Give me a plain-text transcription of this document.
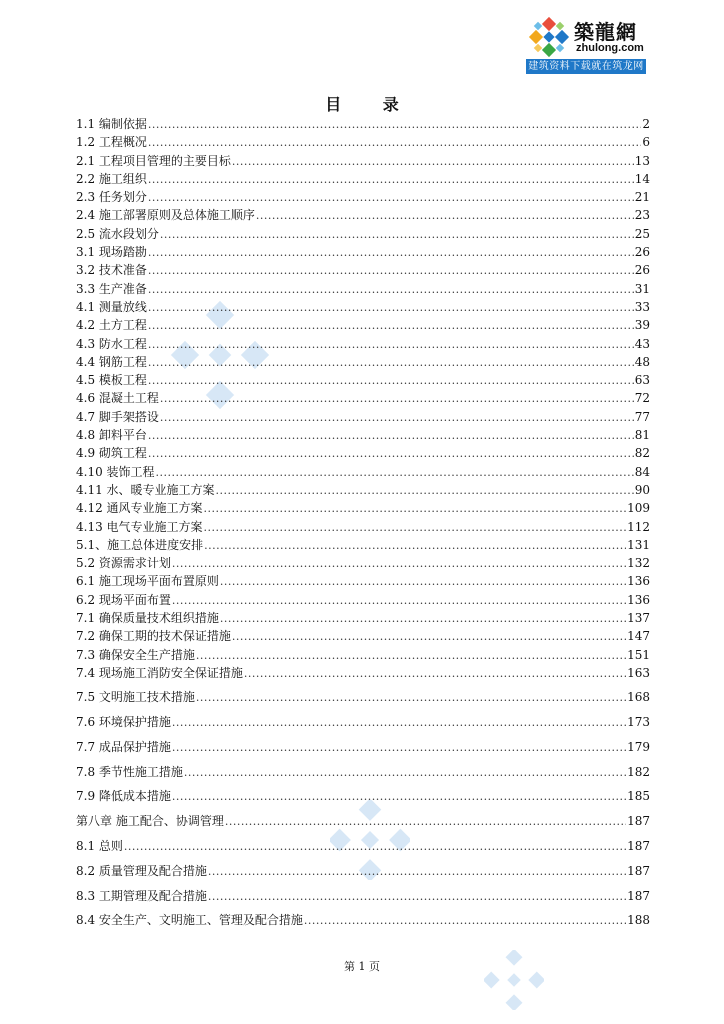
築龍網
zhulong.com
建筑资料下载就在筑龙网
目 录
1.1 编制依据 .....	2
1.2 工程概况 .....	6
2.1 工程项目管理的主要目标 .....	13
2.2 施工组织 .....	14
2.3 任务划分 .....	21
2.4 施工部署原则及总体施工顺序 .....	23
2.5 流水段划分 .....	25
3.1 现场踏勘 .....	26
3.2 技术准备 .....	26
3.3 生产准备 .....	31
4.1 测量放线 .....	33
4.2 土方工程 .....	39
4.3 防水工程 .....	43
4.4 钢筋工程 .....	48
4.5 模板工程 .....	63
4.6 混凝土工程 .....	72
4.7 脚手架搭设 .....	77
4.8 卸料平台 .....	81
4.9 砌筑工程 .....	82
4.10 装饰工程 .....	84
4.11 水、暖专业施工方案 .....	90
4.12 通风专业施工方案 .....	109
4.13 电气专业施工方案 .....	112
5.1、施工总体进度安排 .....	131
5.2 资源需求计划 .....	132
6.1 施工现场平面布置原则 .....	136
6.2 现场平面布置 .....	136
7.1 确保质量技术组织措施 .....	137
7.2 确保工期的技术保证措施 .....	147
7.3 确保安全生产措施 .....	151
7.4 现场施工消防安全保证措施 .....	163
7.5 文明施工技术措施 .....	168
7.6 环境保护措施 .....	173
7.7 成品保护措施 .....	179
7.8 季节性施工措施 .....	182
7.9 降低成本措施 .....	185
第八章 施工配合、协调管理 .....	187
8.1 总则 .....	187
8.2 质量管理及配合措施 .....	187
8.3 工期管理及配合措施 .....	187
8.4 安全生产、文明施工、管理及配合措施 .....	188
第 1 页
